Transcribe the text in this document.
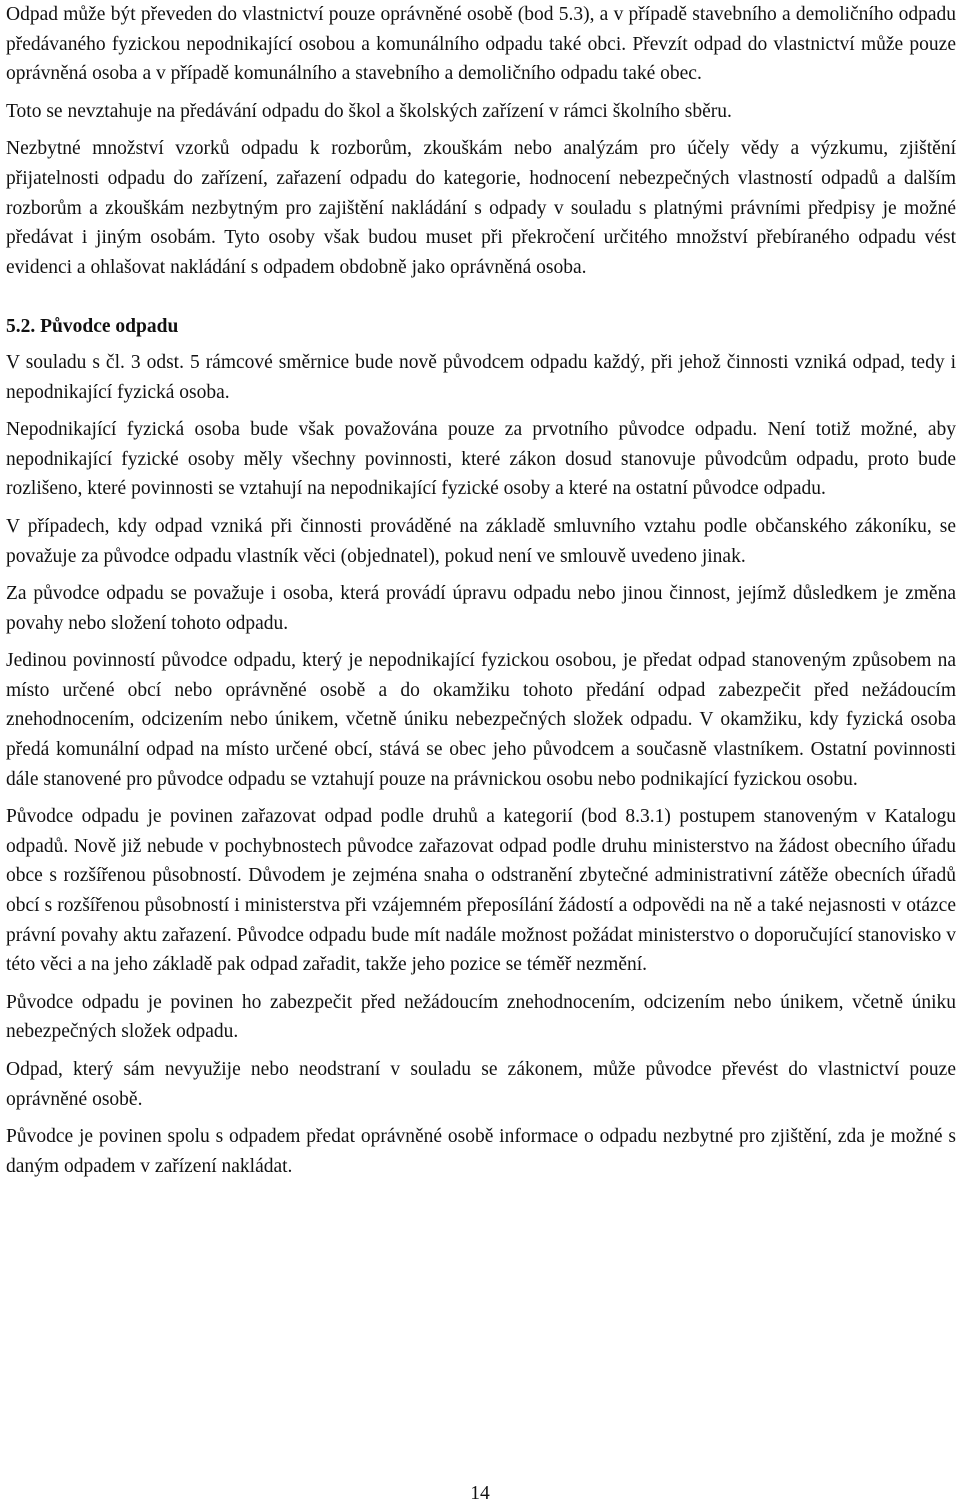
Odpad může být převeden do vlastnictví pouze oprávněné osobě (bod 5.3), a v případě stavebního a demoličního odpadu předávaného fyzickou nepodnikající osobou a komunálního odpadu také obci. Převzít odpad do vlastnictví může pouze oprávněná osoba a v případě komunálního a stavebního a demoličního odpadu také obec.

Toto se nevztahuje na předávání odpadu do škol a školských zařízení v rámci školního sběru.

Nezbytné množství vzorků odpadu k rozborům, zkouškám nebo analýzám pro účely vědy a výzkumu, zjištění přijatelnosti odpadu do zařízení, zařazení odpadu do kategorie, hodnocení nebezpečných vlastností odpadů a dalším rozborům a zkouškám nezbytným pro zajištění nakládání s odpady v souladu s platnými právními předpisy je možné předávat i jiným osobám. Tyto osoby však budou muset při překročení určitého množství přebíraného odpadu vést evidenci a ohlašovat nakládání s odpadem obdobně jako oprávněná osoba.

5.2. Původce odpadu

V souladu s čl. 3 odst. 5 rámcové směrnice bude nově původcem odpadu každý, při jehož činnosti vzniká odpad, tedy i nepodnikající fyzická osoba.

Nepodnikající fyzická osoba bude však považována pouze za prvotního původce odpadu. Není totiž možné, aby nepodnikající fyzické osoby měly všechny povinnosti, které zákon dosud stanovuje původcům odpadu, proto bude rozlišeno, které povinnosti se vztahují na nepodnikající fyzické osoby a které na ostatní původce odpadu.

V případech, kdy odpad vzniká při činnosti prováděné na základě smluvního vztahu podle občanského zákoníku, se považuje za původce odpadu vlastník věci (objednatel), pokud není ve smlouvě uvedeno jinak.

Za původce odpadu se považuje i osoba, která provádí úpravu odpadu nebo jinou činnost, jejímž důsledkem je změna povahy nebo složení tohoto odpadu.

Jedinou povinností původce odpadu, který je nepodnikající fyzickou osobou, je předat odpad stanoveným způsobem na místo určené obcí nebo oprávněné osobě a do okamžiku tohoto předání odpad zabezpečit před nežádoucím znehodnocením, odcizením nebo únikem, včetně úniku nebezpečných složek odpadu. V okamžiku, kdy fyzická osoba předá komunální odpad na místo určené obcí, stává se obec jeho původcem a současně vlastníkem. Ostatní povinnosti dále stanovené pro původce odpadu se vztahují pouze na právnickou osobu nebo podnikající fyzickou osobu.

Původce odpadu je povinen zařazovat odpad podle druhů a kategorií (bod 8.3.1) postupem stanoveným v Katalogu odpadů. Nově již nebude v pochybnostech původce zařazovat odpad podle druhu ministerstvo na žádost obecního úřadu obce s rozšířenou působností. Důvodem je zejména snaha o odstranění zbytečné administrativní zátěže obecních úřadů obcí s rozšířenou působností i ministerstva při vzájemném přeposílání žádostí a odpovědi na ně a také nejasnosti v otázce právní povahy aktu zařazení. Původce odpadu bude mít nadále možnost požádat ministerstvo o doporučující stanovisko v této věci a na jeho základě pak odpad zařadit, takže jeho pozice se téměř nezmění.

Původce odpadu je povinen ho zabezpečit před nežádoucím znehodnocením, odcizením nebo únikem, včetně úniku nebezpečných složek odpadu.

Odpad, který sám nevyužije nebo neodstraní v souladu se zákonem, může původce převést do vlastnictví pouze oprávněné osobě.

Původce je povinen spolu s odpadem předat oprávněné osobě informace o odpadu nezbytné pro zjištění, zda je možné s daným odpadem v zařízení nakládat.

14
